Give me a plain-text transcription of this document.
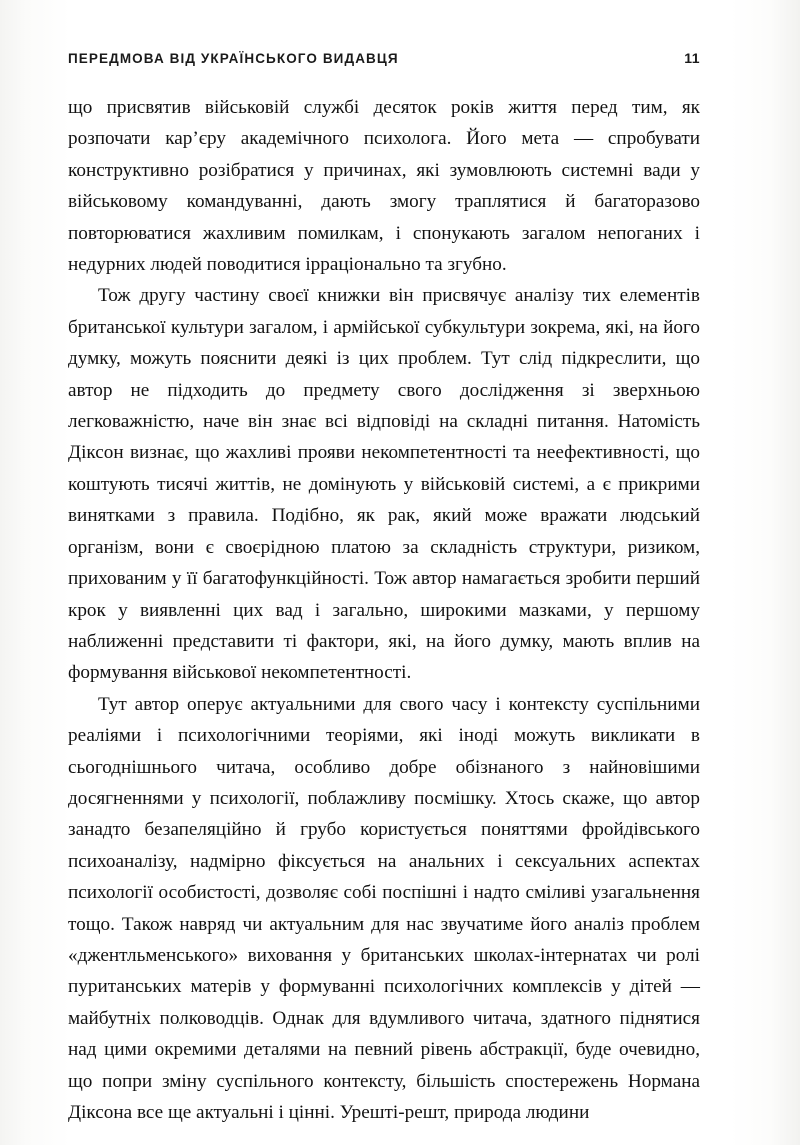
ПЕРЕДМОВА ВІД УКРАЇНСЬКОГО ВИДАВЦЯ	11

що присвятив військовій службі десяток років життя перед тим, як розпочати кар’єру академічного психолога. Його мета — спробувати конструктивно розібратися у причинах, які зумовлюють системні вади у військовому командуванні, дають змогу траплятися й багаторазово повторюватися жахливим помилкам, і спонукають загалом непоганих і недурних людей поводитися ірраціонально та згубно.

Тож другу частину своєї книжки він присвячує аналізу тих елементів британської культури загалом, і армійської субкультури зокрема, які, на його думку, можуть пояснити деякі із цих проблем. Тут слід підкреслити, що автор не підходить до предмету свого дослідження зі зверхньою легковажністю, наче він знає всі відповіді на складні питання. Натомість Діксон визнає, що жахливі прояви некомпетентності та неефективності, що коштують тисячі життів, не домінують у військовій системі, а є прикрими винятками з правила. Подібно, як рак, який може вражати людський організм, вони є своєрідною платою за складність структури, ризиком, прихованим у її багатофункційності. Тож автор намагається зробити перший крок у виявленні цих вад і загально, широкими мазками, у першому наближенні представити ті фактори, які, на його думку, мають вплив на формування військової некомпетентності.

Тут автор оперує актуальними для свого часу і контексту суспільними реаліями і психологічними теоріями, які іноді можуть викликати в сьогоднішнього читача, особливо добре обізнаного з найновішими досягненнями у психології, поблажливу посмішку. Хтось скаже, що автор занадто безапеляційно й грубо користується поняттями фройдівського психоаналізу, надмірно фіксується на анальних і сексуальних аспектах психології особистості, дозволяє собі поспішні і надто сміливі узагальнення тощо. Також навряд чи актуальним для нас звучатиме його аналіз проблем «джентльменського» виховання у британських школах-інтернатах чи ролі пуританських матерів у формуванні психологічних комплексів у дітей — майбутніх полководців. Однак для вдумливого читача, здатного піднятися над цими окремими деталями на певний рівень абстракції, буде очевидно, що попри зміну суспільного контексту, більшість спостережень Нормана Діксона все ще актуальні і цінні. Урешті-решт, природа людини
